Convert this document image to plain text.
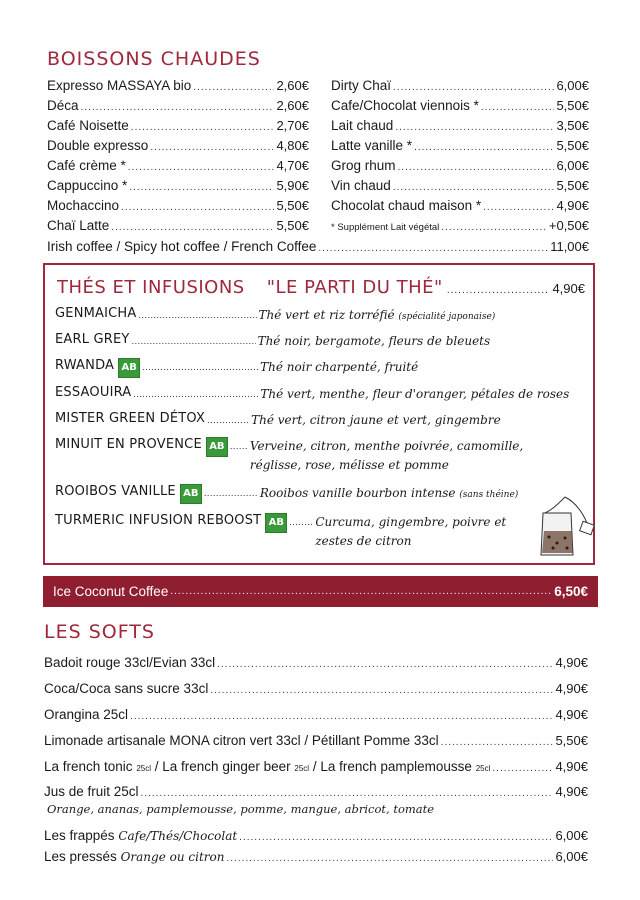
BOISSONS CHAUDES
Expresso MASSAYA bio .....	2,60€
Déca .....	2,60€
Café Noisette .....	2,70€
Double expresso .....	4,80€
Café crème * .....	4,70€
Cappuccino * .....	5,90€
Mochaccino .....	5,50€
Chaï Latte .....	5,50€
Dirty Chaï .....	6,00€
Cafe/Chocolat viennois * .....	5,50€
Lait chaud .....	3,50€
Latte vanille * .....	5,50€
Grog rhum .....	6,00€
Vin chaud .....	5,50€
Chocolat chaud maison * .....	4,90€
* Supplément Lait végétal .....	+0,50€
Irish coffee / Spicy hot coffee / French Coffee .....	11,00€
THÉS ET INFUSIONS "LE PARTI DU THÉ" .....	4,90€
GENMAICHA .....	Thé vert et riz torréfié (spécialité japonaise)
EARL GREY .....	Thé noir, bergamote, fleurs de bleuets
RWANDA AB .....	Thé noir charpenté, fruité
ESSAOUIRA .....	Thé vert, menthe, fleur d'oranger, pétales de roses
MISTER GREEN DÉTOX .....	Thé vert, citron jaune et vert, gingembre
MINUIT EN PROVENCE AB ..... Verveine, citron, menthe poivrée, camomille, réglisse, rose, mélisse et pomme
ROOIBOS VANILLE AB .....	Rooibos vanille bourbon intense (sans théine)
TURMERIC INFUSION REBOOST AB .....	Curcuma, gingembre, poivre et zestes de citron
Ice Coconut Coffee .....	6,50€
LES SOFTS
Badoit rouge 33cl/Evian 33cl .....	4,90€
Coca/Coca sans sucre 33cl .....	4,90€
Orangina 25cl .....	4,90€
Limonade artisanale MONA citron vert 33cl / Pétillant Pomme 33cl .....	5,50€
La french tonic 25cl / La french ginger beer 25cl / La french pamplemousse 25cl .....	4,90€
Jus de fruit 25cl .....	4,90€
Orange, ananas, pamplemousse, pomme, mangue, abricot, tomate
Les frappés Cafe/Thés/Chocolat .....	6,00€
Les pressés Orange ou citron .....	6,00€
